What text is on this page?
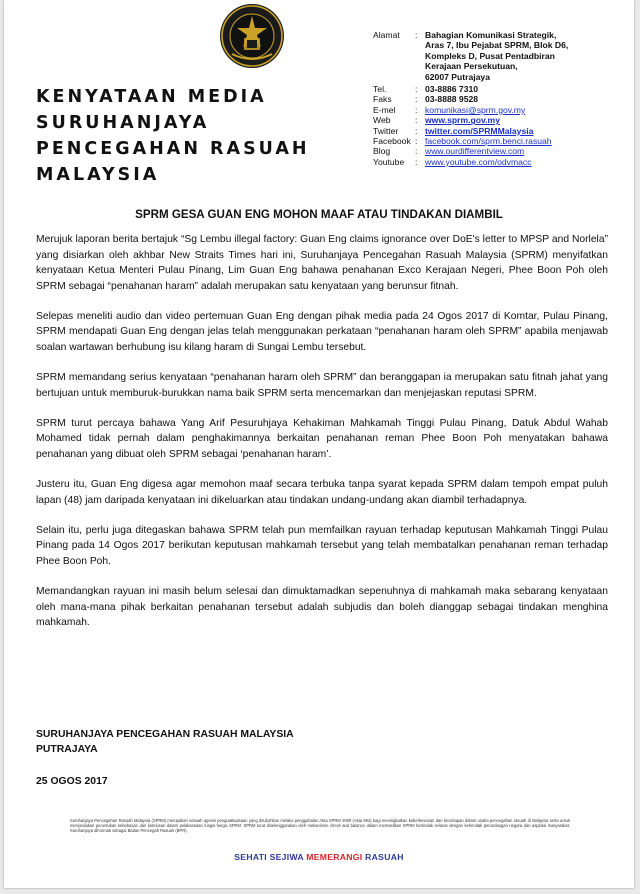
KENYATAAN MEDIA
SURUHANJAYA
PENCEGAHAN RASUAH
MALAYSIA
Alamat	: Bahagian Komunikasi Strategik,
Aras 7, Ibu Pejabat SPRM, Blok D6,
Kompleks D, Pusat Pentadbiran
Kerajaan Persekutuan,
62007 Putrajaya
Tel.	: 03-8886 7310
Faks	: 03-8888 9528
E-mel	: komunikasi@sprm.gov.my
Web	: www.sprm.gov.my
Twitter	: twitter.com/SPRMMalaysia
Facebook : facebook.com/sprm.benci.rasuah
Blog	: www.ourdifferentview.com
Youtube	: www.youtube.com/odvmacc
SPRM GESA GUAN ENG MOHON MAAF ATAU TINDAKAN DIAMBIL

Merujuk laporan berita bertajuk “Sg Lembu illegal factory: Guan Eng claims ignorance over DoE's letter to MPSP and Norlela” yang disiarkan oleh akhbar New Straits Times hari ini, Suruhanjaya Pencegahan Rasuah Malaysia (SPRM) menyifatkan kenyataan Ketua Menteri Pulau Pinang, Lim Guan Eng bahawa penahanan Exco Kerajaan Negeri, Phee Boon Poh oleh SPRM sebagai “penahanan haram” adalah merupakan satu kenyataan yang berunsur fitnah.

Selepas meneliti audio dan video pertemuan Guan Eng dengan pihak media pada 24 Ogos 2017 di Komtar, Pulau Pinang, SPRM mendapati Guan Eng dengan jelas telah menggunakan perkataan “penahanan haram oleh SPRM” apabila menjawab soalan wartawan berhubung isu kilang haram di Sungai Lembu tersebut.

SPRM memandang serius kenyataan “penahanan haram oleh SPRM” dan beranggapan ia merupakan satu fitnah jahat yang bertujuan untuk memburuk-burukkan nama baik SPRM serta mencemarkan dan menjejaskan reputasi SPRM.

SPRM turut percaya bahawa Yang Arif Pesuruhjaya Kehakiman Mahkamah Tinggi Pulau Pinang, Datuk Abdul Wahab Mohamed tidak pernah dalam penghakimannya berkaitan penahanan reman Phee Boon Poh menyatakan bahawa penahanan yang dibuat oleh SPRM sebagai ‘penahanan haram’.

Justeru itu, Guan Eng digesa agar memohon maaf secara terbuka tanpa syarat kepada SPRM dalam tempoh empat puluh lapan (48) jam daripada kenyataan ini dikeluarkan atau tindakan undang-undang akan diambil terhadapnya.

Selain itu, perlu juga ditegaskan bahawa SPRM telah pun memfailkan rayuan terhadap keputusan Mahkamah Tinggi Pulau Pinang pada 14 Ogos 2017 berikutan keputusan mahkamah tersebut yang telah membatalkan penahanan reman terhadap Phee Boon Poh.

Memandangkan rayuan ini masih belum selesai dan dimuktamadkan sepenuhnya di mahkamah maka sebarang kenyataan oleh mana-mana pihak berkaitan penahanan tersebut adalah subjudis dan boleh dianggap sebagai tindakan menghina mahkamah.

SURUHANJAYA PENCEGAHAN RASUAH MALAYSIA
PUTRAJAYA
25 OGOS 2017
Suruhanjaya Pencegahan Rasuah Malaysia (SPRM) merupakan sebuah agensi penguatkuasaan yang ditubuhkan melalui penggubalan Akta SPRM 2009 (Akta 694) bagi meningkatkan keberkesanan dan kecekapan dalam usaha pencegahan rasuah di Malaysia serta untuk menyediakan peruntukan kebebasan dan ketelusan dalam pelaksanaan fungsi-fungsi SPRM. SPRM turut diselenggarakan oleh mekanisme check and balance dalam memastikan SPRM bertindak selaras dengan kehendak perundangan negara dan aspirasi masyarakat. Suruhanjaya dihormati sebagai Badan Pencegah Rasuah (BPR).
SEHATI SEJIWA MEMERANGI RASUAH
